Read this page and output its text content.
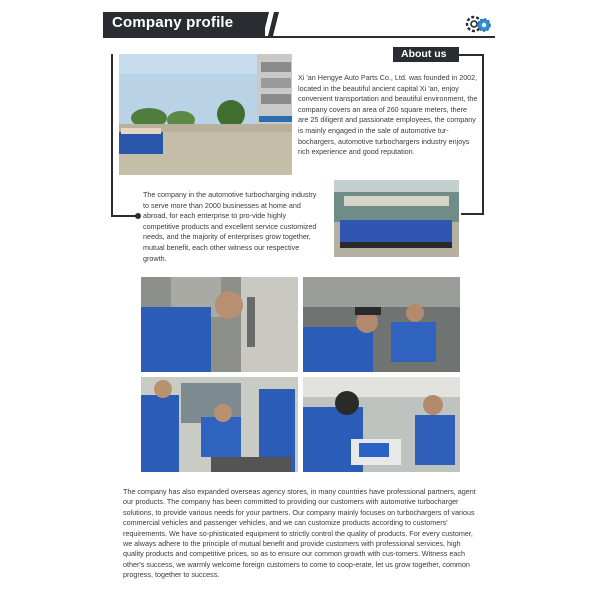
Company profile
About us

Xi 'an Hengye Auto Parts Co., Ltd. was founded in 2002, located in the beautiful ancient capital Xi 'an, enjoy convenient transportation and beautiful environment, the company covers an area of 260 square meters, there are 25 diligent and passionate employees, the company is mainly engaged in the sale of automotive tur-bochargers, automotive turbochargers industry enjoys rich experience and good reputation.

The company in the automotive turbocharging industry to serve more than 2000 businesses at home and abroad, for each enterprise to pro-vide highly competitive products and excellent service customized needs, and the majority of enterprises grow together, mutual benefit, each other witness our respective growth.

The company has also expanded overseas agency stores, in many countries have professional partners, agent our products. The company has been committed to providing our customers with automotive turbocharger solutions, to provide various needs for your partners. Our company mainly focuses on turbochargers of various commercial vehicles and passenger vehicles, and we can customize products according to customers' requirements. We have so-phisticated equipment to strictly control the quality of products. For every customer, we always adhere to the principle of mutual benefit and provide customers with professional services, high quality products and competitive prices, so as to ensure our common growth with cus-tomers. Witness each other's success, we warmly welcome foreign customers to come to coop-erate, let us grow together, common progress, together to success.
